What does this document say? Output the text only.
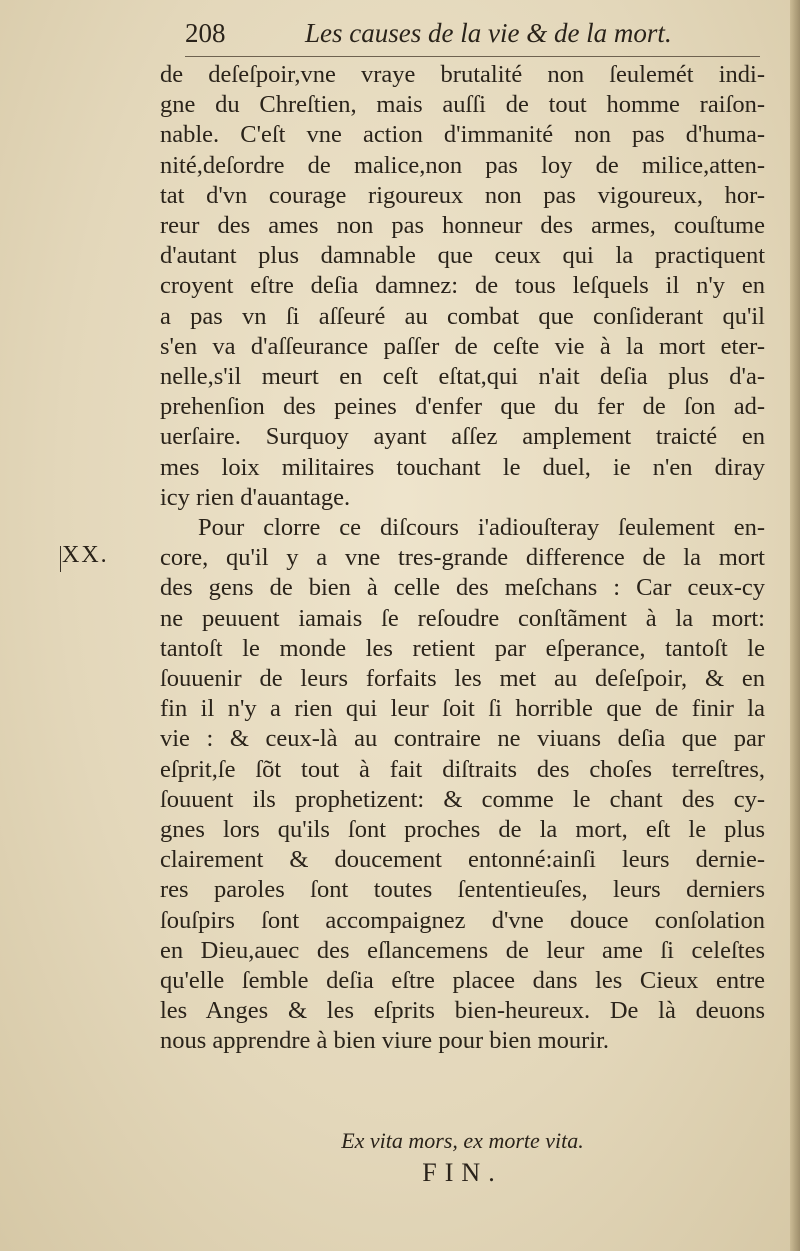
208	Les causes de la vie & de la mort.
XX.
de deſeſpoir,vne vraye brutalité non ſeulemét indi-
gne du Chreſtien, mais auſſi de tout homme raiſon-
nable. C'eſt vne action d'immanité non pas d'huma-
nité,deſordre de malice,non pas loy de milice,atten-
tat d'vn courage rigoureux non pas vigoureux, hor-
reur des ames non pas honneur des armes, couſtume
d'autant plus damnable que ceux qui la practiquent
croyent eſtre deſia damnez: de tous leſquels il n'y en
a pas vn ſi aſſeuré au combat que conſiderant qu'il
s'en va d'aſſeurance paſſer de ceſte vie à la mort eter-
nelle,s'il meurt en ceſt eſtat,qui n'ait deſia plus d'a-
prehenſion des peines d'enfer que du fer de ſon ad-
uerſaire. Surquoy ayant aſſez amplement traicté en
mes loix militaires touchant le duel, ie n'en diray
icy rien d'auantage.
Pour clorre ce diſcours i'adiouſteray ſeulement en-
core, qu'il y a vne tres-grande difference de la mort
des gens de bien à celle des meſchans : Car ceux-cy
ne peuuent iamais ſe reſoudre conſtãment à la mort:
tantoſt le monde les retient par eſperance, tantoſt le
ſouuenir de leurs forfaits les met au deſeſpoir, & en
fin il n'y a rien qui leur ſoit ſi horrible que de finir la
vie : & ceux-là au contraire ne viuans deſia que par
eſprit,ſe ſõt tout à fait diſtraits des choſes terreſtres,
ſouuent ils prophetizent: & comme le chant des cy-
gnes lors qu'ils ſont proches de la mort, eſt le plus
clairement & doucement entonné:ainſi leurs dernie-
res paroles ſont toutes ſententieuſes, leurs derniers
ſouſpirs ſont accompaignez d'vne douce conſolation
en Dieu,auec des eſlancemens de leur ame ſi celeſtes
qu'elle ſemble deſia eſtre placee dans les Cieux entre
les Anges & les eſprits bien-heureux. De là deuons
nous apprendre à bien viure pour bien mourir.
Ex vita mors, ex morte vita.
FIN.
